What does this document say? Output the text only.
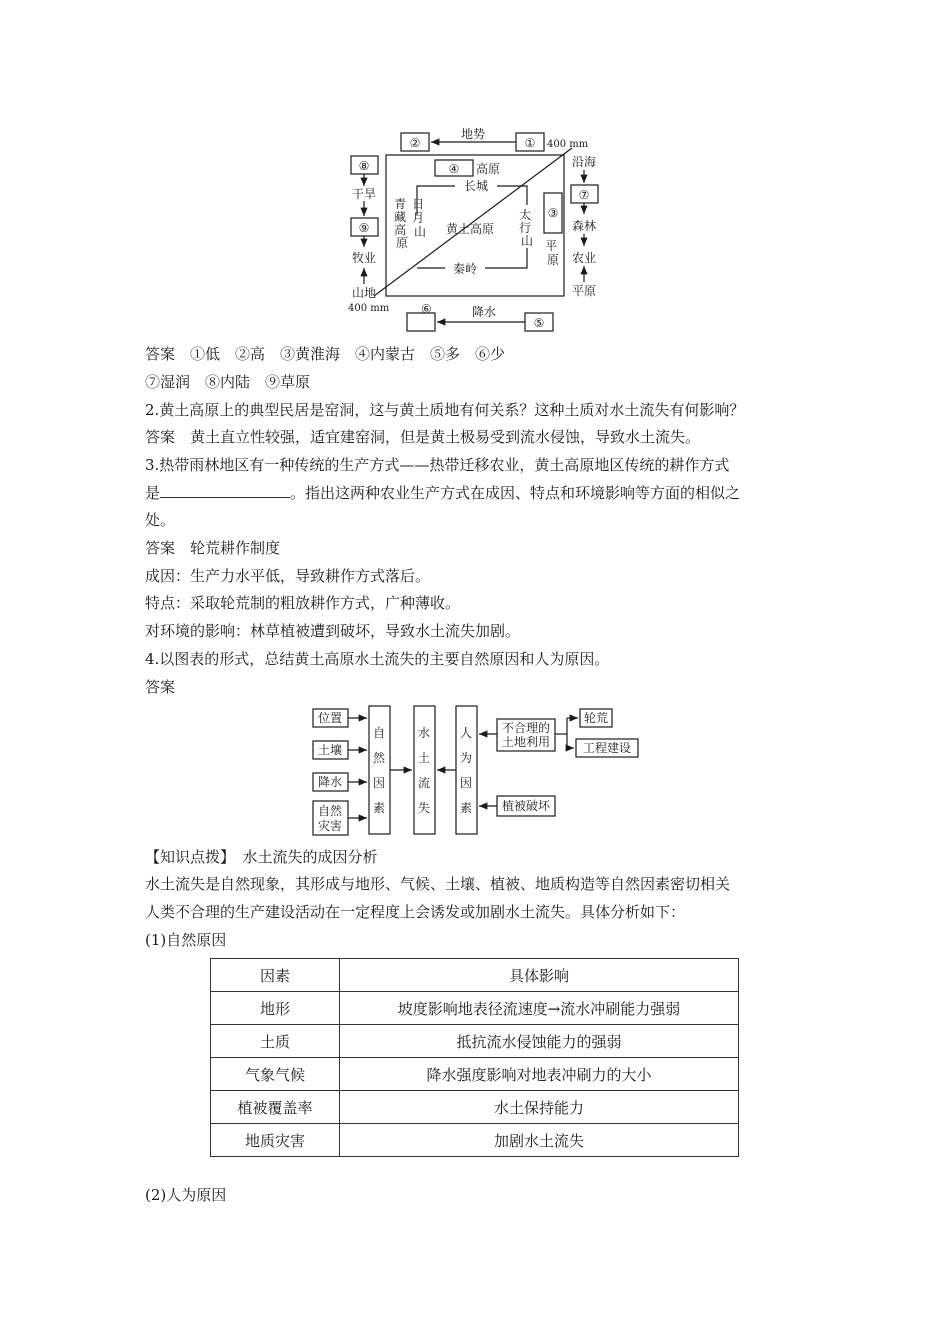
②	①
地势
400 mm
④ 高原
长城
⑧
干旱
⑨
牧业
山地
400 mm
沿海
⑦
森林
农业
平原
③
黄土高原
秦岭
⑥
⑤
降水
青 藏 高 原
日 月 山
太 行 山 平 原
答案　①低　②高　③黄淮海　④内蒙古　⑤多　⑥少
⑦湿润　⑧内陆　⑨草原
2.黄土高原上的典型民居是窑洞，这与黄土质地有何关系？这种土质对水土流失有何影响？
答案　黄土直立性较强，适宜建窑洞，但是黄土极易受到流水侵蚀，导致水土流失。
3.热带雨林地区有一种传统的生产方式——热带迁移农业，黄土高原地区传统的耕作方式
是	。指出这两种农业生产方式在成因、特点和环境影响等方面的相似之
处。
答案　轮荒耕作制度
成因：生产力水平低，导致耕作方式落后。
特点：采取轮荒制的粗放耕作方式，广种薄收。
对环境的影响：林草植被遭到破坏，导致水土流失加剧。
4.以图表的形式，总结黄土高原水土流失的主要自然原因和人为原因。
答案
位置
土壤
降水
自然
灾害
自
然
因
素
水
土
流
失
人
为
因
素
不合理的
土地利用
植被破坏
轮荒
工程建设
【知识点拨】　 水土流失的成因分析
水土流失是自然现象，其形成与地形、气候、土壤、植被、地质构造等自然因素密切相关
人类不合理的生产建设活动在一定程度上会诱发或加剧水土流失。具体分析如下：
(1)自然原因
因素	具体影响
地形	坡度影响地表径流速度→流水冲刷能力强弱
土质	抵抗流水侵蚀能力的强弱
气象气候	降水强度影响对地表冲刷力的大小
植被覆盖率	水土保持能力
地质灾害	加剧水土流失
(2)人为原因
